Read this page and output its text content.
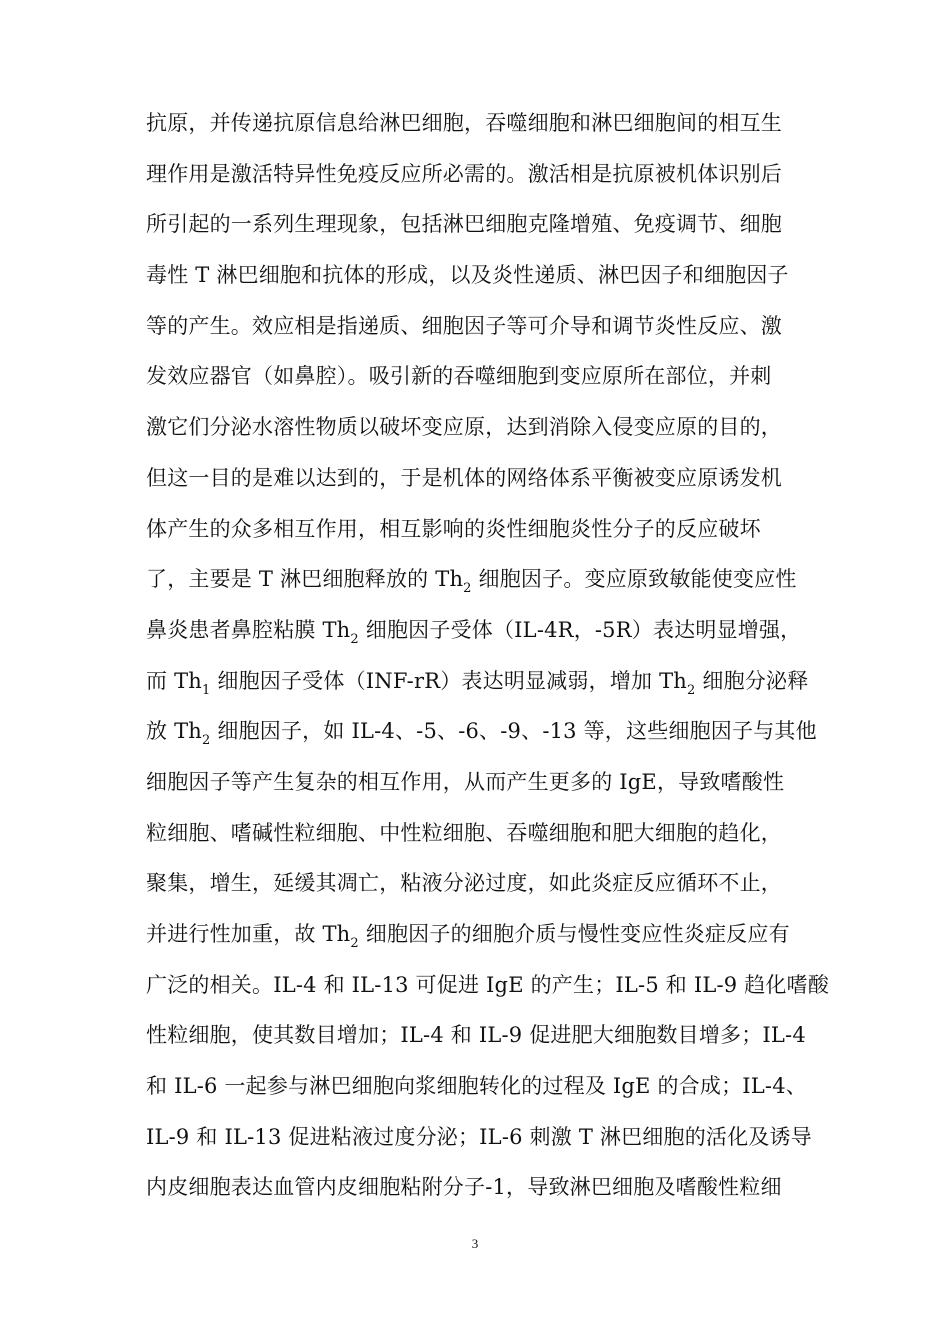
抗原，并传递抗原信息给淋巴细胞，吞噬细胞和淋巴细胞间的相互生
理作用是激活特异性免疫反应所必需的。激活相是抗原被机体识别后
所引起的一系列生理现象，包括淋巴细胞克隆增殖、免疫调节、细胞
毒性 T 淋巴细胞和抗体的形成，以及炎性递质、淋巴因子和细胞因子
等的产生。效应相是指递质、细胞因子等可介导和调节炎性反应、激
发效应器官（如鼻腔）。吸引新的吞噬细胞到变应原所在部位，并刺
激它们分泌水溶性物质以破坏变应原，达到消除入侵变应原的目的，
但这一目的是难以达到的，于是机体的网络体系平衡被变应原诱发机
体产生的众多相互作用，相互影响的炎性细胞炎性分子的反应破坏
了，主要是 T 淋巴细胞释放的 $Th_2$ 细胞因子。变应原致敏能使变应性
鼻炎患者鼻腔粘膜 $Th_2$ 细胞因子受体（IL-4R，-5R）表达明显增强，
而 $Th_1$ 细胞因子受体（INF-rR）表达明显减弱，增加 $Th_2$ 细胞分泌释
放 $Th_2$ 细胞因子，如 IL-4、-5、-6、-9、-13 等，这些细胞因子与其他
细胞因子等产生复杂的相互作用，从而产生更多的 IgE，导致嗜酸性
粒细胞、嗜碱性粒细胞、中性粒细胞、吞噬细胞和肥大细胞的趋化，
聚集，增生，延缓其凋亡，粘液分泌过度，如此炎症反应循环不止，
并进行性加重，故 $Th_2$ 细胞因子的细胞介质与慢性变应性炎症反应有
广泛的相关。IL-4 和 IL-13 可促进 IgE 的产生；IL-5 和 IL-9 趋化嗜酸
性粒细胞，使其数目增加；IL-4 和 IL-9 促进肥大细胞数目增多；IL-4
和 IL-6 一起参与淋巴细胞向浆细胞转化的过程及 IgE 的合成；IL-4、
IL-9 和 IL-13 促进粘液过度分泌；IL-6 刺激 T 淋巴细胞的活化及诱导
内皮细胞表达血管内皮细胞粘附分子-1，导致淋巴细胞及嗜酸性粒细
3
